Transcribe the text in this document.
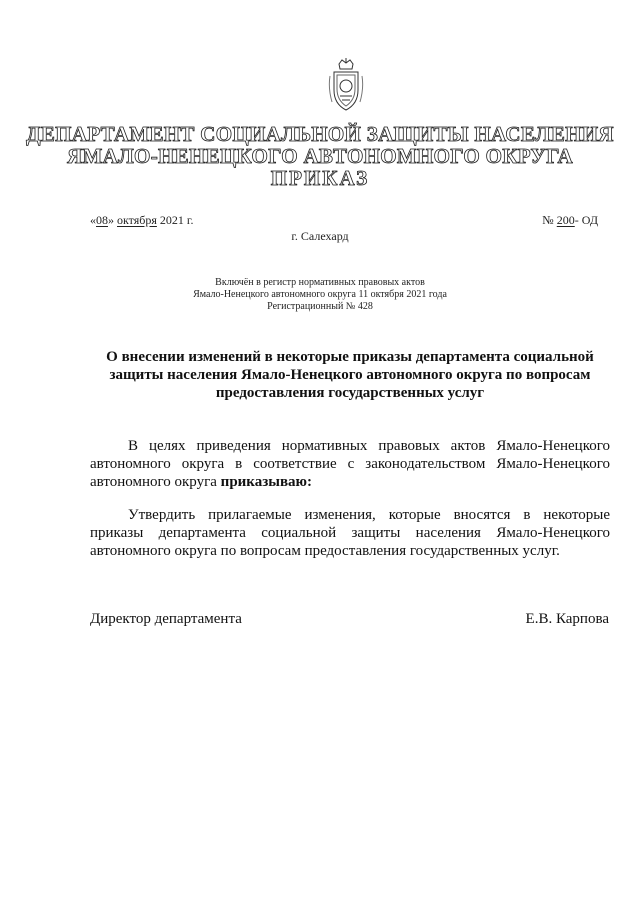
ДЕПАРТАМЕНТ СОЦИАЛЬНОЙ ЗАЩИТЫ НАСЕЛЕНИЯ
ЯМАЛО-НЕНЕЦКОГО АВТОНОМНОГО ОКРУГА
ПРИКАЗ
«08» октября 2021 г.	№ 200- ОД
г. Салехард
Включён в регистр нормативных правовых актов
Ямало-Ненецкого автономного округа 11 октября 2021 года
Регистрационный № 428
О внесении изменений в некоторые приказы департамента социальной защиты населения Ямало-Ненецкого автономного округа по вопросам предоставления государственных услуг
В целях приведения нормативных правовых актов Ямало-Ненецкого автономного округа в соответствие с законодательством Ямало-Ненецкого автономного округа приказываю:
Утвердить прилагаемые изменения, которые вносятся в некоторые приказы департамента социальной защиты населения Ямало-Ненецкого автономного округа по вопросам предоставления государственных услуг.
Директор департамента	Е.В. Карпова
